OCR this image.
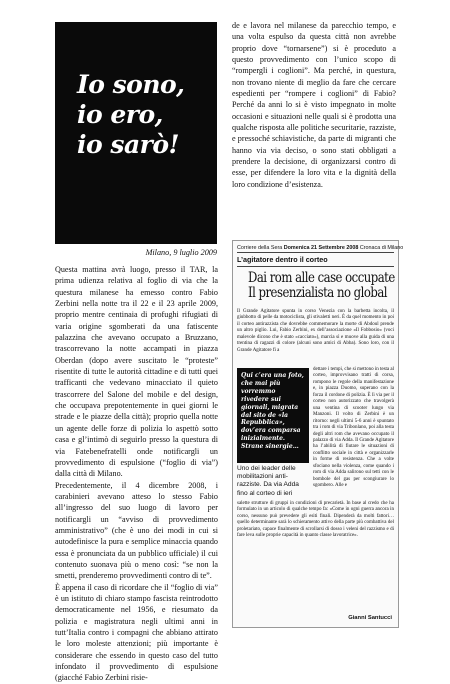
Io sono,
io ero,
io sarò!
Milano, 9 luglio 2009

Questa mattina avrà luogo, presso il TAR, la prima udienza relativa al foglio di via che la questura milanese ha emesso contro Fabio Zerbini nella notte tra il 22 e il 23 aprile 2009, proprio mentre centinaia di profughi rifugiati di varia origine sgomberati da una fatiscente palazzina che avevano occupato a Bruzzano, trascorrevano la notte accampati in piazza Oberdan (dopo avere suscitato le “proteste” risentite di tutte le autorità cittadine e di tutti quei trafficanti che vedevano minacciato il quieto trascorrere del Salone del mobile e del design, che occupava prepotentemente in quei giorni le strade e le piazze della città); proprio quella notte un agente delle forze di polizia lo aspettò sotto casa e gl’intimò di seguirlo presso la questura di via Fatebenefratelli onde notificargli un provvedimento di espulsione (“foglio di via”) dalla città di Milano.

Precedentemente, il 4 dicembre 2008, i carabinieri avevano atteso lo stesso Fabio all’ingresso del suo luogo di lavoro per notificargli un “avviso di provvedimento amministrativo” (che è uno dei modi in cui si autodefinisce la pura e semplice minaccia quando essa è pronunciata da un pubblico ufficiale) il cui contenuto suonava più o meno così: “se non la smetti, prenderemo provvedimenti contro di te”.

È appena il caso di ricordare che il “foglio di via” è un istituto di chiaro stampo fascista reintrodotto democraticamente nel 1956, e riesumato da polizia e magistratura negli ultimi anni in tutt’Italia contro i compagni che abbiano attirato le loro moleste attenzioni; più importante è considerare che essendo in questo caso del tutto infondato il provvedimento di espulsione (giacché Fabio Zerbini risie-

de e lavora nel milanese da parecchio tempo, e una volta espulso da questa città non avrebbe proprio dove “tornarsene”) si è proceduto a questo provvedimento con l’unico scopo di “rompergli i coglioni”. Ma perché, in questura, non trovano niente di meglio da fare che cercare espedienti per “rompere i coglioni” di Fabio? Perché da anni lo si è visto impegnato in molte occasioni e situazioni nelle quali si è prodotta una qualche risposta alle politiche securitarie, razziste, e pressoché schiavistiche, da parte di migranti che hanno via via deciso, o sono stati obbligati a prendere la decisione, di organizzarsi contro di esse, per difendere la loro vita e la dignità della loro condizione d’esistenza.
Corriere della Sera Domenica 21 Settembre 2008 Cronaca di Milano
L’agitatore dentro il corteo
Dai rom alle case occupate
Il presenzialista no global

Il Grande Agitatore spunta in corso Venezia con la barbetta incolta, il giubbotto di pelle da motociclista, gli stivaletti neri. È da quel momento in poi il corteo antirazzista che dovrebbe commemorare la morte di Abdoul prende un altro piglio. Lui, Fabio Zerbini, ex dell’associazione «Il Fobbosio» (voci malevole dicono che è stato «cacciato»), marcia sì e muove alla guida di una trentina di ragazzi di colore (alcuni sono amici di Abba). Sono loro, con il Grande Agitatore fi a

Qui c’era una foto, che mai più vorremmo rivedere sui giornali, migrata dal sito de «la Repubblica», dov’era comparsa inizialmente. Strane sinergie…
Uno dei leader delle mobilitazioni anti-razziste. Da via Adda fino al corteo di ieri
dettare i tempi, che si mettono in testa al corteo, improvvisano tratti di corsa, rompono le regole della manifestazione e, in piazza Duomo, superano con la forza il cordone di polizia. È lì via per il corteo non autorizzato che travolgerà una ventina di scooter lungo via Manzoni. Il volto di Zerbini è un ritorno: negli ultimi 5-6 anni è spuntato tra i rom di via Tribonlano, poi alla testa degli altri rom che avevano occupato il palazzo di via Adda. Il Grande Agitatore ha l’abilità di fiutare le situazioni di conflitto sociale in città e organizzarle in forme di resistenza. Che a volte sfociano nella violenza, come quando i rom di via Adda salirono sul tetti con le bombole del gas per scongiurare lo sgombero. Alle e
salette strutture di gruppi in condizioni di precarietà. In base al credo che ha formulato in un articolo di qualche tempo fa: «Come in ogni guerra ancora in corso, nessuno può prevedere gli esiti finali. Dipenderà da molti fattori… quello determinante sarà lo schieramento attivo della parte più combattiva del proletariato, capace finalmente di scrollarsi di dosso i veleni del razzismo e di fare leva sulle proprie capacità in quanto classe lavoratrice».
Gianni Santucci
